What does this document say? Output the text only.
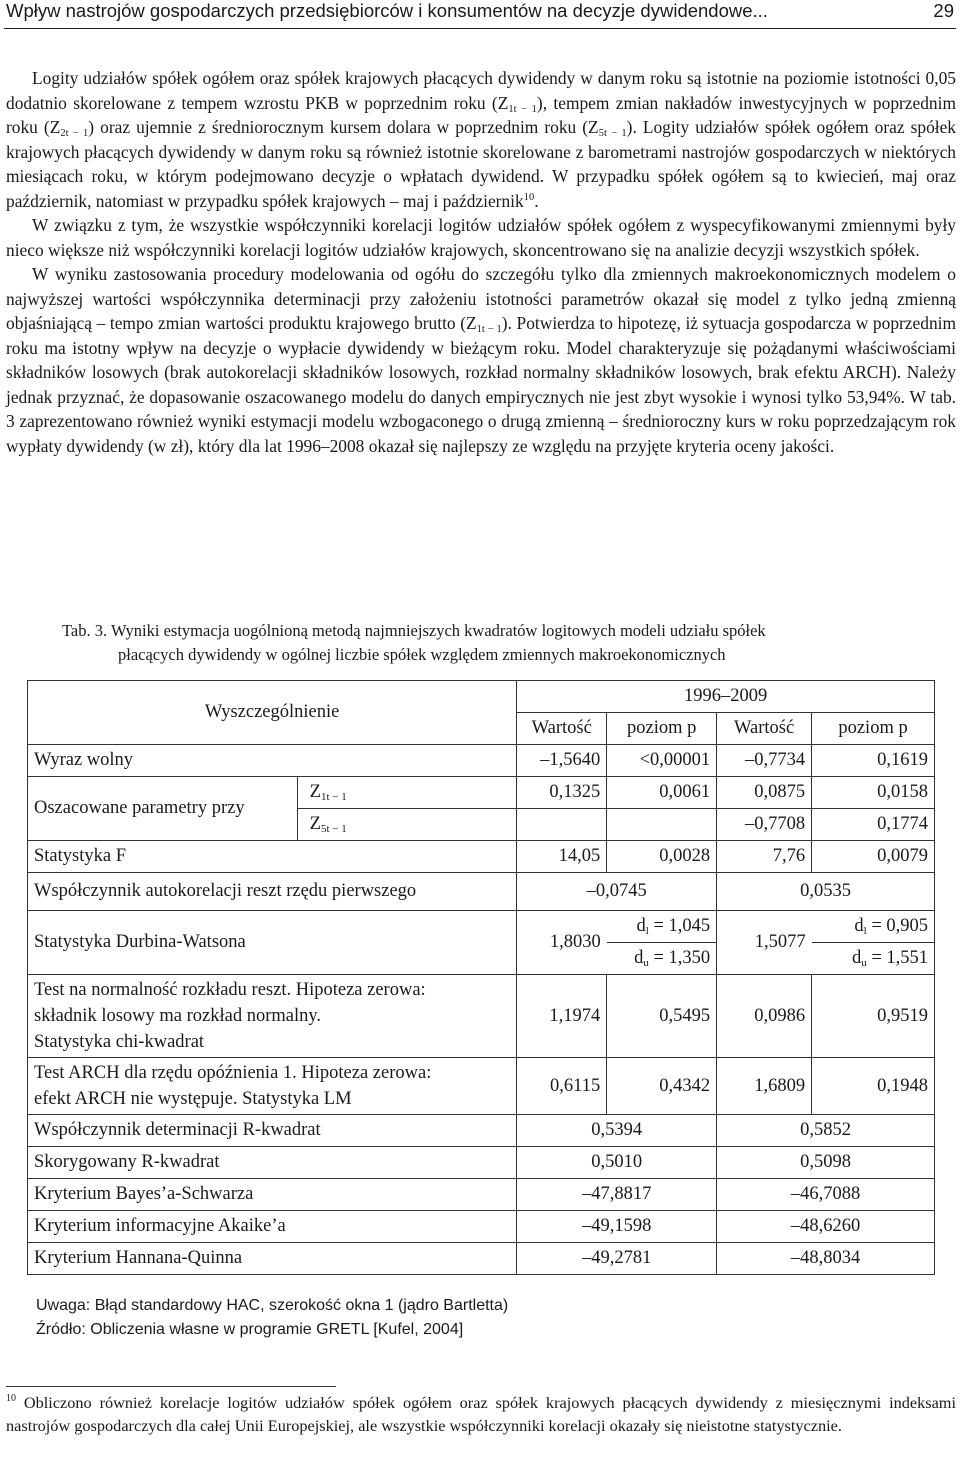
Wpływ nastrojów gospodarczych przedsiębiorców i konsumentów na decyzje dywidendowe...	29

Logity udziałów spółek ogółem oraz spółek krajowych płacących dywidendy w danym roku są istotnie na poziomie istotności 0,05 dodatnio skorelowane z tempem wzrostu PKB w poprzednim roku $(Z_{1t - 1})$, tempem zmian nakładów inwestycyjnych w poprzednim roku $(Z_{2t - 1})$ oraz ujemnie z średniorocznym kursem dolara w poprzednim roku $(Z_{5t - 1})$. Logity udziałów spółek ogółem oraz spółek krajowych płacących dywidendy w danym roku są również istotnie skorelowane z barometrami nastrojów gospodarczych w niektórych miesiącach roku, w którym podejmowano decyzje o wpłatach dywidend. W przypadku spółek ogółem są to kwiecień, maj oraz październik, natomiast w przypadku spółek krajowych – maj i październik$^{10}$.

W związku z tym, że wszystkie współczynniki korelacji logitów udziałów spółek ogółem z wyspecyfikowanymi zmiennymi były nieco większe niż współczynniki korelacji logitów udziałów krajowych, skoncentrowano się na analizie decyzji wszystkich spółek.

W wyniku zastosowania procedury modelowania od ogółu do szczegółu tylko dla zmiennych makroekonomicznych modelem o najwyższej wartości współczynnika determinacji przy założeniu istotności parametrów okazał się model z tylko jedną zmienną objaśniającą – tempo zmian wartości produktu krajowego brutto $(Z_{1t - 1})$. Potwierdza to hipotezę, iż sytuacja gospodarcza w poprzednim roku ma istotny wpływ na decyzje o wypłacie dywidendy w bieżącym roku. Model charakteryzuje się pożądanymi właściwościami składników losowych (brak autokorelacji składników losowych, rozkład normalny składników losowych, brak efektu ARCH). Należy jednak przyznać, że dopasowanie oszacowanego modelu do danych empirycznych nie jest zbyt wysokie i wynosi tylko 53,94%. W tab. 3 zaprezentowano również wyniki estymacji modelu wzbogaconego o drugą zmienną – średnioroczny kurs w roku poprzedzającym rok wypłaty dywidendy (w zł), który dla lat 1996–2008 okazał się najlepszy ze względu na przyjęte kryteria oceny jakości.

Tab. 3. Wyniki estymacja uogólnioną metodą najmniejszych kwadratów logitowych modeli udziału spółek
płacących dywidendy w ogólnej liczbie spółek względem zmiennych makroekonomicznych
Wyszczególnienie		1996–2009			
		Wartość	poziom p	Wartość	poziom p
Wyraz wolny		–1,5640	<0,00001	–0,7734	0,1619
Oszacowane parametry przy	Z1t − 1	0,1325	0,0061	0,0875	0,0158
	Z5t − 1			–0,7708	0,1774
Statystyka F		14,05	0,0028	7,76	0,0079
Współczynnik autokorelacji reszt rzędu pierwszego		–0,0745		0,0535	
Statystyka Durbina-Watsona		1,8030	dl = 1,045	1,5077	dl = 0,905
			du = 1,350		du = 1,551

Test na normalność rozkładu reszt. Hipoteza zerowa:
składnik losowy ma rozkład normalny.
Statystyka chi-kwadrat		1,1974	0,5495	0,0986	0,9519

Test ARCH dla rzędu opóźnienia 1. Hipoteza zerowa:
efekt ARCH nie występuje. Statystyka LM		0,6115	0,4342	1,6809	0,1948
Współczynnik determinacji R-kwadrat		0,5394		0,5852	
Skorygowany R-kwadrat		0,5010		0,5098	
Kryterium Bayes’a-Schwarza		–47,8817		–46,7088	
Kryterium informacyjne Akaike’a		–49,1598		–48,6260	
Kryterium Hannana-Quinna		–49,2781		–48,8034	
Uwaga: Błąd standardowy HAC, szerokość okna 1 (jądro Bartletta)
Źródło: Obliczenia własne w programie GRETL [Kufel, 2004]
$^{10}$ Obliczono również korelacje logitów udziałów spółek ogółem oraz spółek krajowych płacących dywidendy z miesięcznymi indeksami nastrojów gospodarczych dla całej Unii Europejskiej, ale wszystkie współczynniki korelacji okazały się nieistotne statystycznie.
